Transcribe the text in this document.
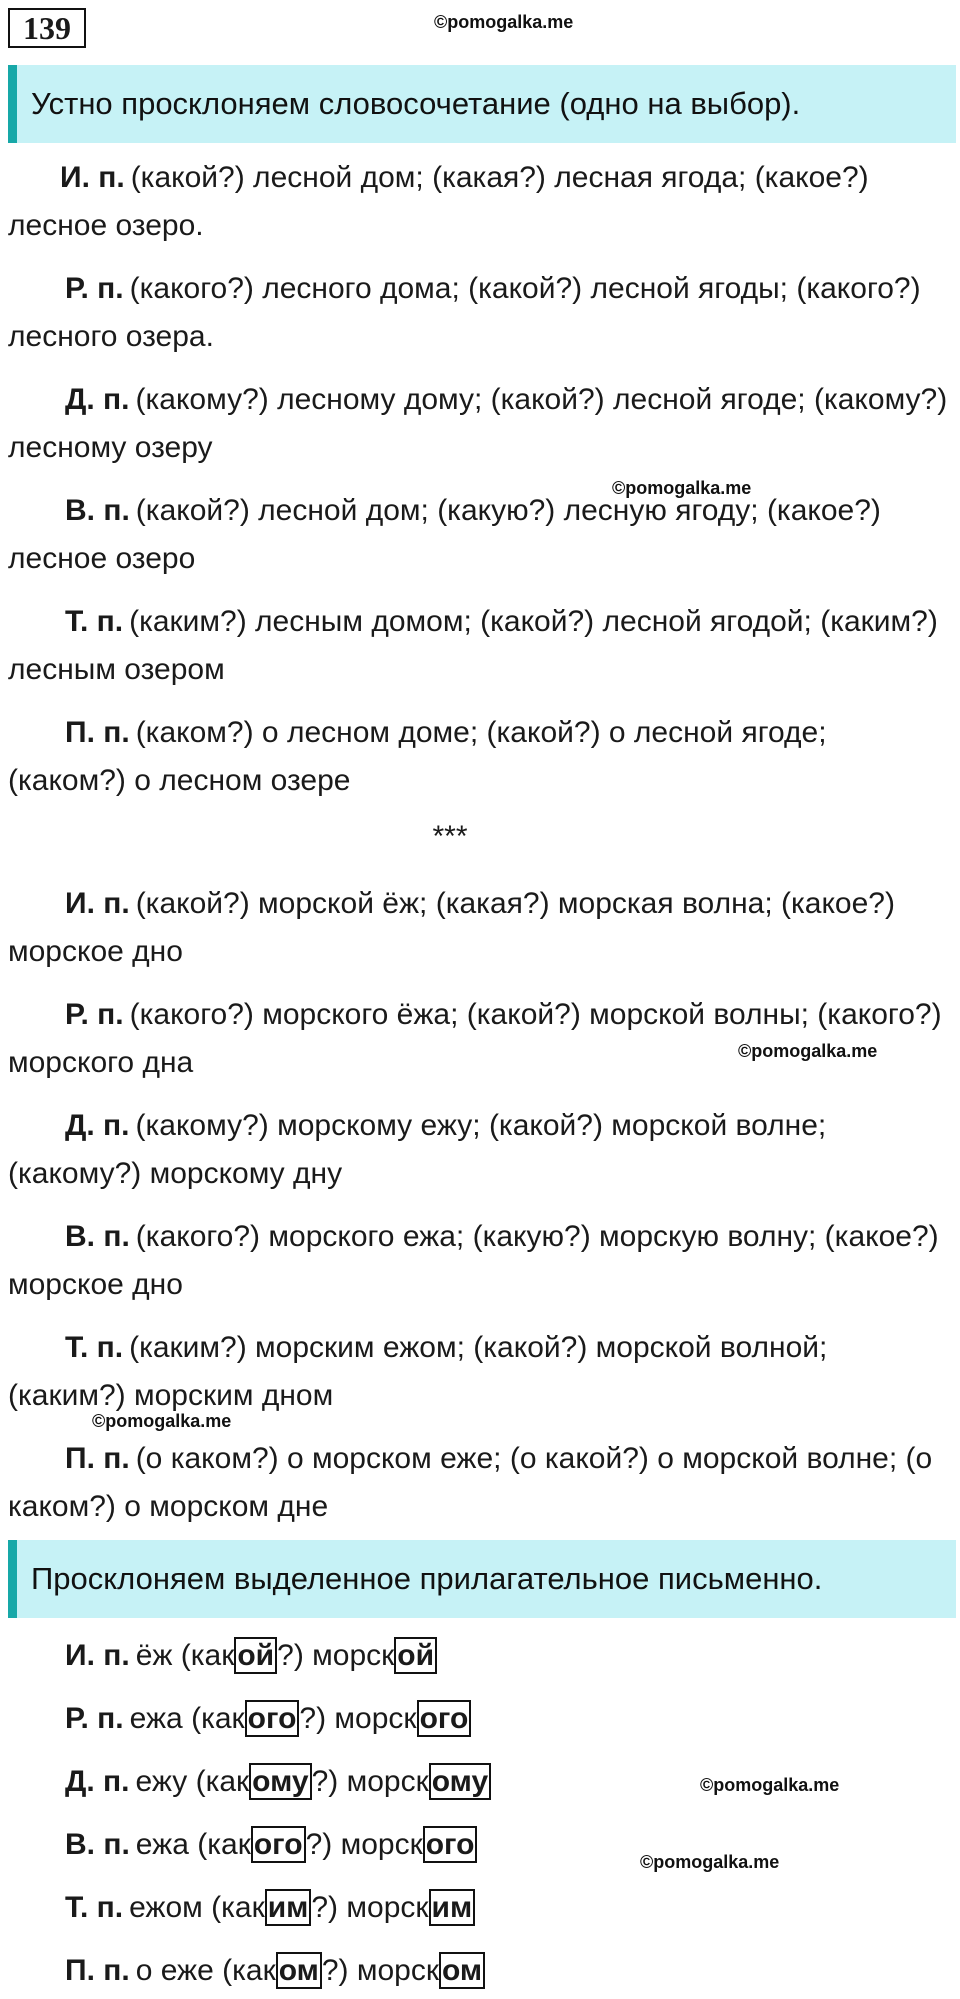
139	©pomogalka.me
Устно просклоняем словосочетание (одно на выбор).
И. п. (какой?) лесной дом; (какая?) лесная ягода; (какое?) лесное озеро.
Р. п. (какого?) лесного дома; (какой?) лесной ягоды; (какого?) лесного озера.
Д. п. (какому?) лесному дому; (какой?) лесной ягоде; (какому?) лесному озеру
В. п. (какой?) лесной дом; (какую?) лесную ягоду; (какое?) лесное озеро
Т. п. (каким?) лесным домом; (какой?) лесной ягодой; (каким?) лесным озером
П. п. (каком?) о лесном доме; (какой?) о лесной ягоде; (каком?) о лесном озере
©pomogalka.me
***
И. п. (какой?) морской ёж; (какая?) морская волна; (какое?) морское дно
Р. п. (какого?) морского ёжа; (какой?) морской волны; (какого?) морского дна
Д. п. (какому?) морскому ежу; (какой?) морской волне; (какому?) морскому дну
В. п. (какого?) морского ежа; (какую?) морскую волну; (какое?) морское дно
Т. п. (каким?) морским ежом; (какой?) морской волной; (каким?) морским дном
П. п. (о каком?) о морском еже; (о какой?) о морской волне; (о каком?) о морском дне
©pomogalka.me
©pomogalka.me
Просклоняем выделенное прилагательное письменно.
И. п. ёж (как ой ?) морск ой
Р. п. ежа (как ого ?) морск ого
Д. п. ежу (как ому ?) морск ому
В. п. ежа (как ого ?) морск ого
Т. п. ежом (как им ?) морск им
П. п. о еже (как ом ?) морск ом
©pomogalka.me
©pomogalka.me
